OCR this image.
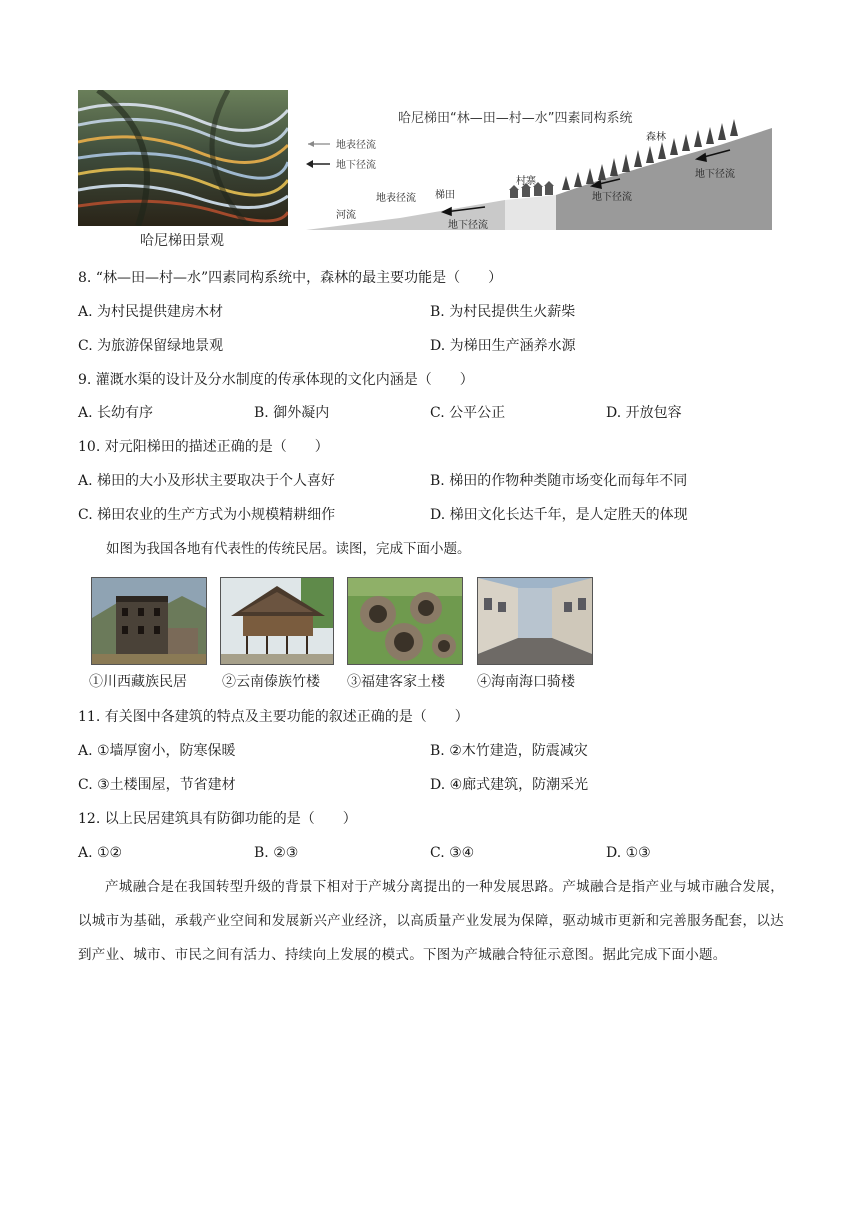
哈尼梯田景观
哈尼梯田“林—田—村—水”四素同构系统
地表径流
地下径流
森林
村寨
梯田
地表径流
河流
地下径流
地下径流
地下径流
8. “林—田—村—水”四素同构系统中，森林的最主要功能是（　　）
A. 为村民提供建房木材	B. 为村民提供生火薪柴
C. 为旅游保留绿地景观	D. 为梯田生产涵养水源
9. 灌溉水渠的设计及分水制度的传承体现的文化内涵是（　　）
A. 长幼有序	B. 御外凝内	C. 公平公正	D. 开放包容
10. 对元阳梯田的描述正确的是（　　）
A. 梯田的大小及形状主要取决于个人喜好	B. 梯田的作物种类随市场变化而每年不同
C. 梯田农业的生产方式为小规模精耕细作	D. 梯田文化长达千年，是人定胜天的体现
如图为我国各地有代表性的传统民居。读图，完成下面小题。
①川西藏族民居	②云南傣族竹楼 ③福建客家土楼 ④海南海口骑楼
11. 有关图中各建筑的特点及主要功能的叙述正确的是（　　）
A. ①墙厚窗小，防寒保暖	B. ②木竹建造，防震减灾
C. ③土楼围屋，节省建材	D. ④廊式建筑，防潮采光
12. 以上民居建筑具有防御功能的是（　　）
A. ①②	B. ②③	C. ③④	D. ①③

产城融合是在我国转型升级的背景下相对于产城分离提出的一种发展思路。产城融合是指产业与城市融合发展，以城市为基础，承载产业空间和发展新兴产业经济，以高质量产业发展为保障，驱动城市更新和完善服务配套，以达到产业、城市、市民之间有活力、持续向上发展的模式。下图为产城融合特征示意图。据此完成下面小题。
